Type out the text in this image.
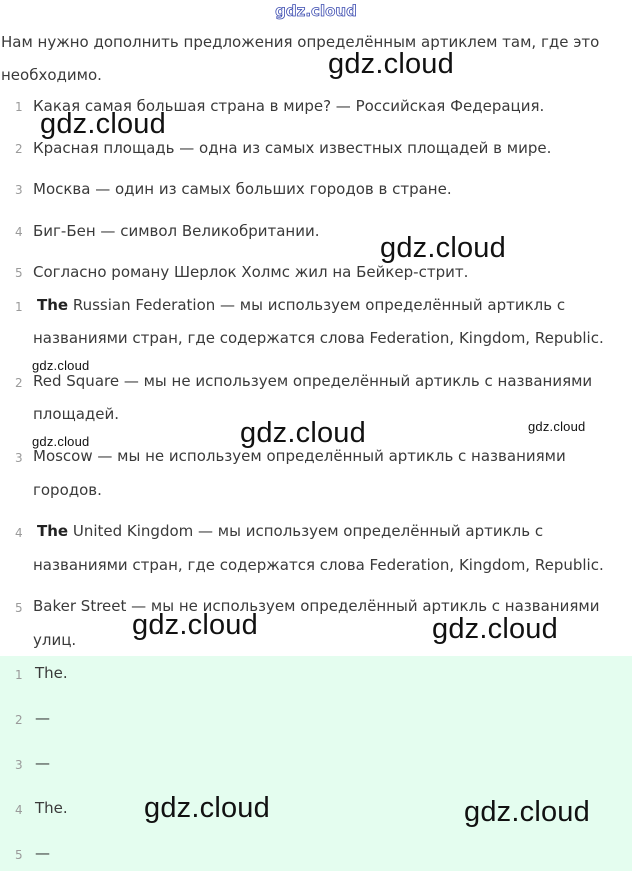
gdz.cloud
Нам нужно дополнить предложения определённым артиклем там, где это
необходимо.
1 Какая самая большая страна в мире? — Российская Федерация.
2 Красная площадь — одна из самых известных площадей в мире.
3 Москва — один из самых больших городов в стране.
4 Биг-Бен — символ Великобритании.
5 Согласно роману Шерлок Холмс жил на Бейкер-стрит.
1 The Russian Federation — мы используем определённый артикль с
названиями стран, где содержатся слова Federation, Kingdom, Republic.
2 Red Square — мы не используем определённый артикль с названиями
площадей.
3 Moscow — мы не используем определённый артикль с названиями
городов.
4 The United Kingdom — мы используем определённый артикль с
названиями стран, где содержатся слова Federation, Kingdom, Republic.
5 Baker Street — мы не используем определённый артикль с названиями
улиц.
1 The.
2 —
3 —
4 The.
5 —
gdz.cloud
gdz.cloud
gdz.cloud
gdz.cloud
gdz.cloud	gdz.cloud
gdz.cloud
gdz.cloud	gdz.cloud
gdz.cloud	gdz.cloud
